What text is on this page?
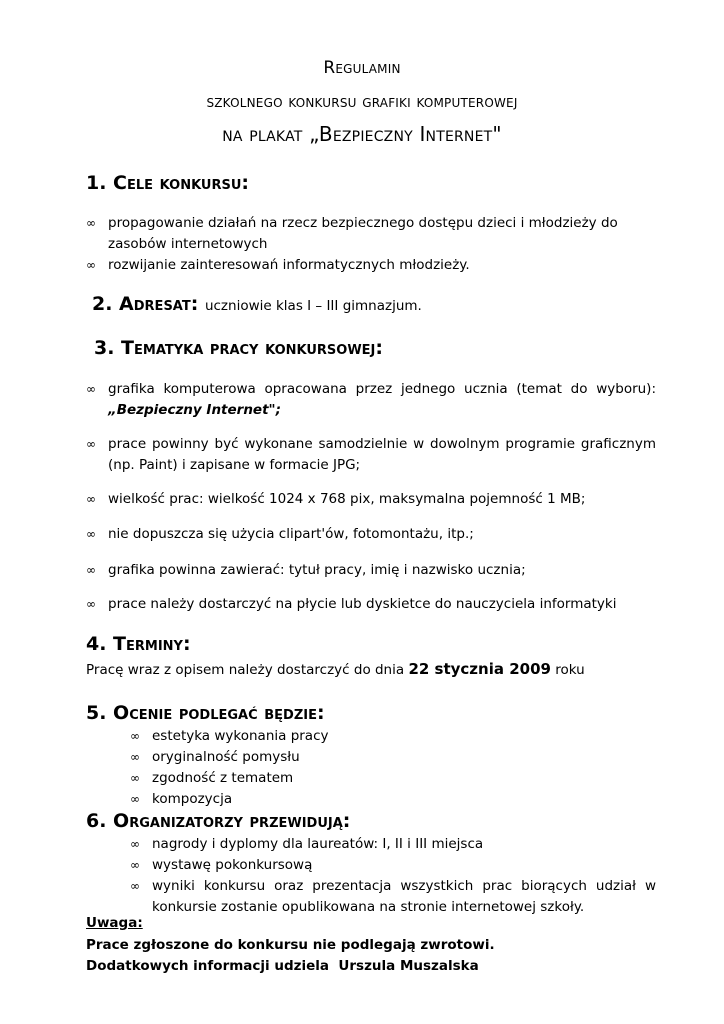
Regulamin
szkolnego konkursu grafiki komputerowej
na plakat „Bezpieczny Internet"
1. Cele konkursu:
∞ propagowanie działań na rzecz bezpiecznego dostępu dzieci i młodzieży do zasobów internetowych
∞ rozwijanie zainteresowań informatycznych młodzieży.
2. Adresat: uczniowie klas I – III gimnazjum.
3. Tematyka pracy konkursowej:
∞ grafika komputerowa opracowana przez jednego ucznia (temat do wyboru):
„Bezpieczny Internet";
∞ prace powinny być wykonane samodzielnie w dowolnym programie graficznym (np. Paint) i zapisane w formacie JPG;
∞ wielkość prac: wielkość 1024 x 768 pix, maksymalna pojemność 1 MB;
∞ nie dopuszcza się użycia clipart'ów, fotomontażu, itp.;
∞ grafika powinna zawierać: tytuł pracy, imię i nazwisko ucznia;
∞ prace należy dostarczyć na płycie lub dyskietce do nauczyciela informatyki
4. Terminy:
Pracę wraz z opisem należy dostarczyć do dnia 22 stycznia 2009 roku
5. Ocenie podlegać będzie:
∞ estetyka wykonania pracy
∞ oryginalność pomysłu
∞ zgodność z tematem
∞ kompozycja
6. Organizatorzy przewidują:
∞ nagrody i dyplomy dla laureatów: I, II i III miejsca
∞ wystawę pokonkursową
∞ wyniki konkursu oraz prezentacja wszystkich prac biorących udział w konkursie zostanie opublikowana na stronie internetowej szkoły.
Uwaga:
Prace zgłoszone do konkursu nie podlegają zwrotowi.
Dodatkowych informacji udziela  Urszula Muszalska
